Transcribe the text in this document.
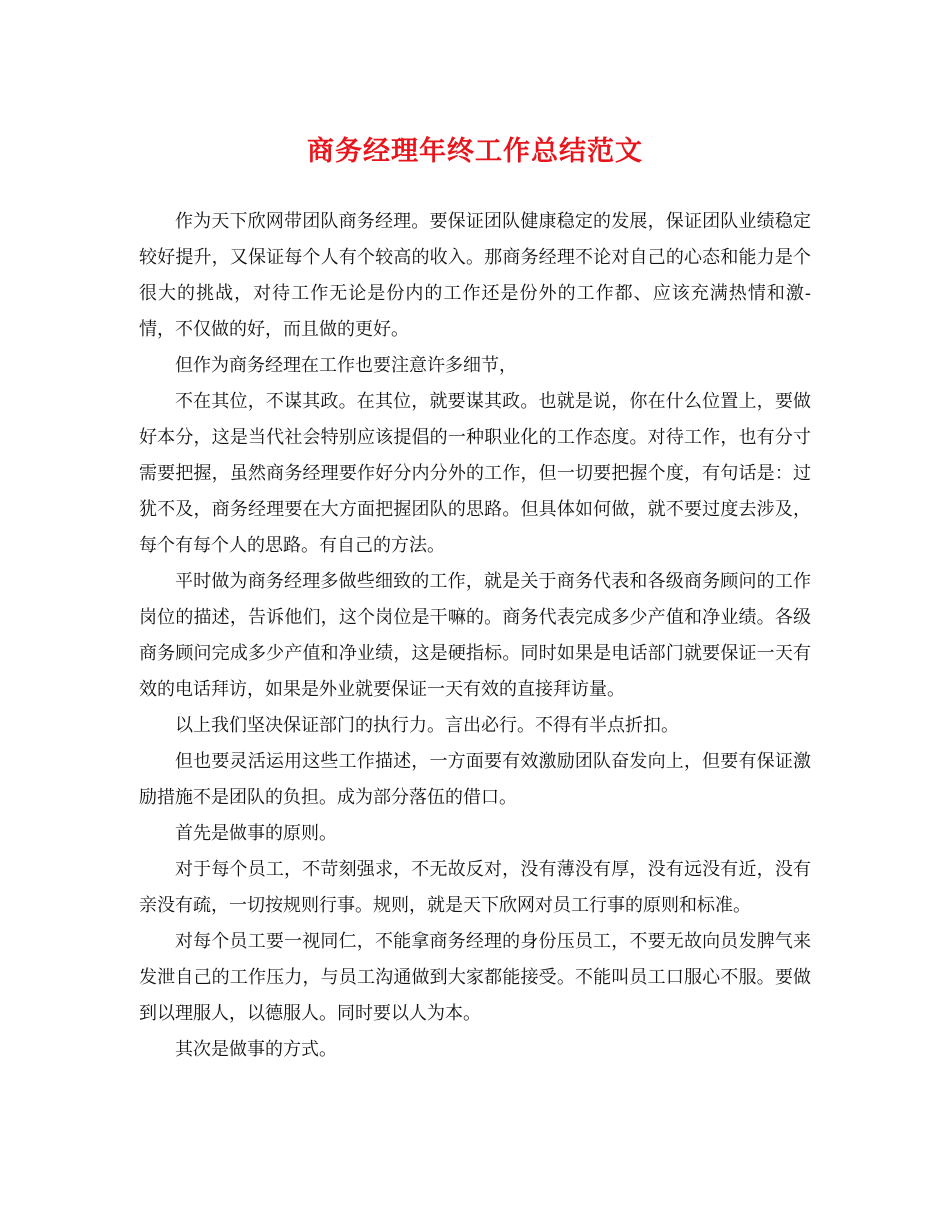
商务经理年终工作总结范文

作为天下欣网带团队商务经理。要保证团队健康稳定的发展，保证团队业绩稳定较好提升，又保证每个人有个较高的收入。那商务经理不论对自己的心态和能力是个很大的挑战，对待工作无论是份内的工作还是份外的工作都、应该充满热情和激-情，不仅做的好，而且做的更好。

但作为商务经理在工作也要注意许多细节，

不在其位，不谋其政。在其位，就要谋其政。也就是说，你在什么位置上，要做好本分，这是当代社会特别应该提倡的一种职业化的工作态度。对待工作，也有分寸需要把握，虽然商务经理要作好分内分外的工作，但一切要把握个度，有句话是：过犹不及，商务经理要在大方面把握团队的思路。但具体如何做，就不要过度去涉及，每个有每个人的思路。有自己的方法。

平时做为商务经理多做些细致的工作，就是关于商务代表和各级商务顾问的工作岗位的描述，告诉他们，这个岗位是干嘛的。商务代表完成多少产值和净业绩。各级商务顾问完成多少产值和净业绩，这是硬指标。同时如果是电话部门就要保证一天有效的电话拜访，如果是外业就要保证一天有效的直接拜访量。

以上我们坚决保证部门的执行力。言出必行。不得有半点折扣。

但也要灵活运用这些工作描述，一方面要有效激励团队奋发向上，但要有保证激励措施不是团队的负担。成为部分落伍的借口。

首先是做事的原则。

对于每个员工，不苛刻强求，不无故反对，没有薄没有厚，没有远没有近，没有亲没有疏，一切按规则行事。规则，就是天下欣网对员工行事的原则和标准。

对每个员工要一视同仁，不能拿商务经理的身份压员工，不要无故向员发脾气来发泄自己的工作压力，与员工沟通做到大家都能接受。不能叫员工口服心不服。要做到以理服人，以德服人。同时要以人为本。

其次是做事的方式。
